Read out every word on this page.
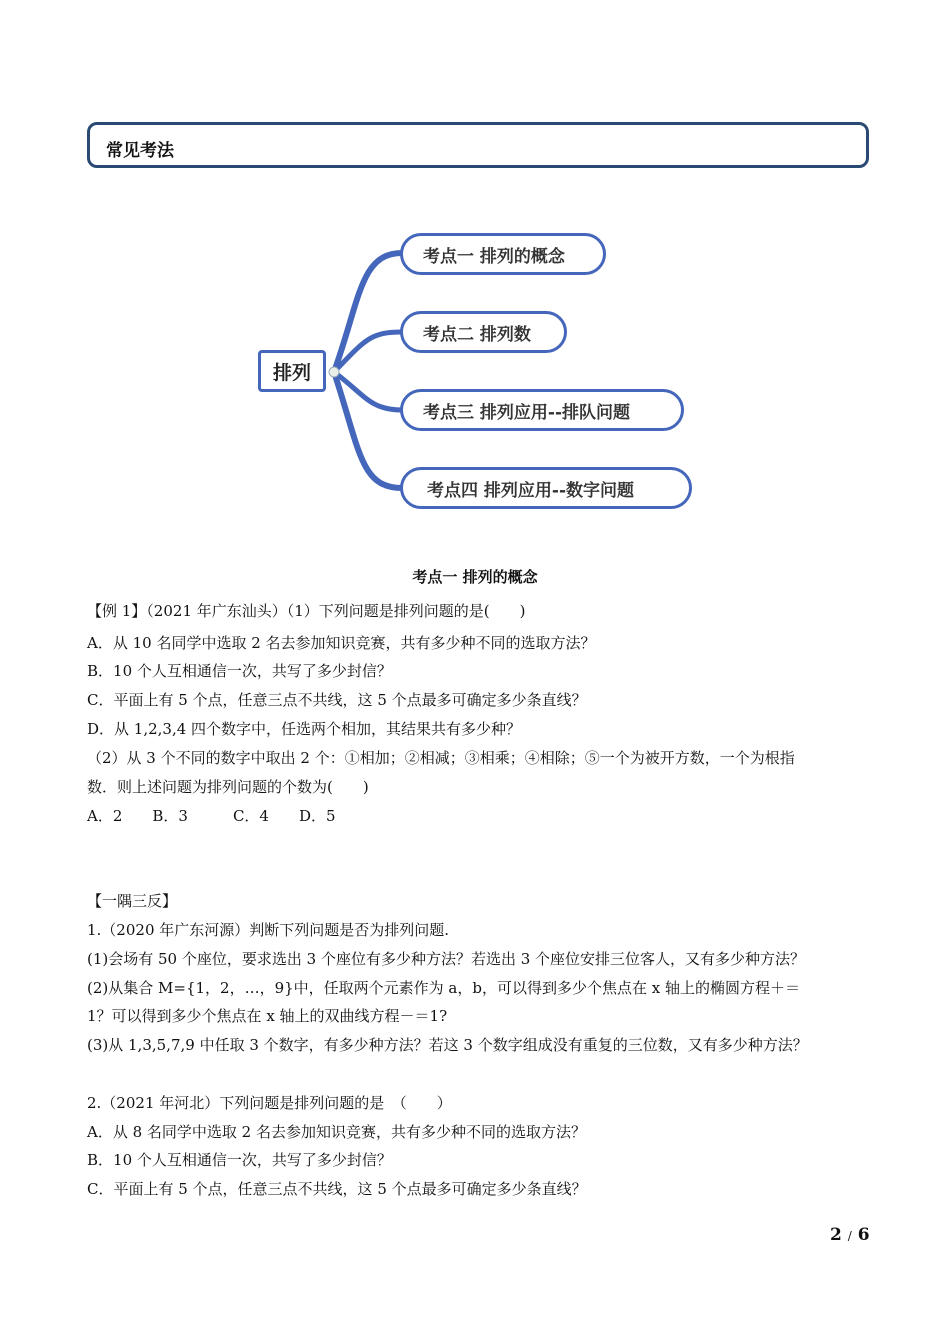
常见考法
排列
考点一 排列的概念
考点二 排列数
考点三 排列应用--排队问题
考点四 排列应用--数字问题
考点一 排列的概念
【例 1】（2021 年广东汕头）（1）下列问题是排列问题的是(　　)
A．从 10 名同学中选取 2 名去参加知识竞赛，共有多少种不同的选取方法？
B．10 个人互相通信一次，共写了多少封信？
C．平面上有 5 个点，任意三点不共线，这 5 个点最多可确定多少条直线？
D．从 1,2,3,4 四个数字中，任选两个相加，其结果共有多少种？
（2）从 3 个不同的数字中取出 2 个：①相加；②相减；③相乘；④相除；⑤一个为被开方数，一个为根指
数．则上述问题为排列问题的个数为(　　)
A．2　　B．3　　　C．4　　D．5
【一隅三反】
1.（2020 年广东河源）判断下列问题是否为排列问题.
(1)会场有 50 个座位，要求选出 3 个座位有多少种方法？若选出 3 个座位安排三位客人，又有多少种方法？
(2)从集合 M={1，2，…，9}中，任取两个元素作为 a，b，可以得到多少个焦点在 x 轴上的椭圆方程＋＝
1？可以得到多少个焦点在 x 轴上的双曲线方程－＝1?
(3)从 1,3,5,7,9 中任取 3 个数字，有多少种方法？若这 3 个数字组成没有重复的三位数，又有多少种方法？
2.（2021 年河北）下列问题是排列问题的是　（　　）
A．从 8 名同学中选取 2 名去参加知识竞赛，共有多少种不同的选取方法？
B．10 个人互相通信一次，共写了多少封信？
C．平面上有 5 个点，任意三点不共线，这 5 个点最多可确定多少条直线？
2 / 6
